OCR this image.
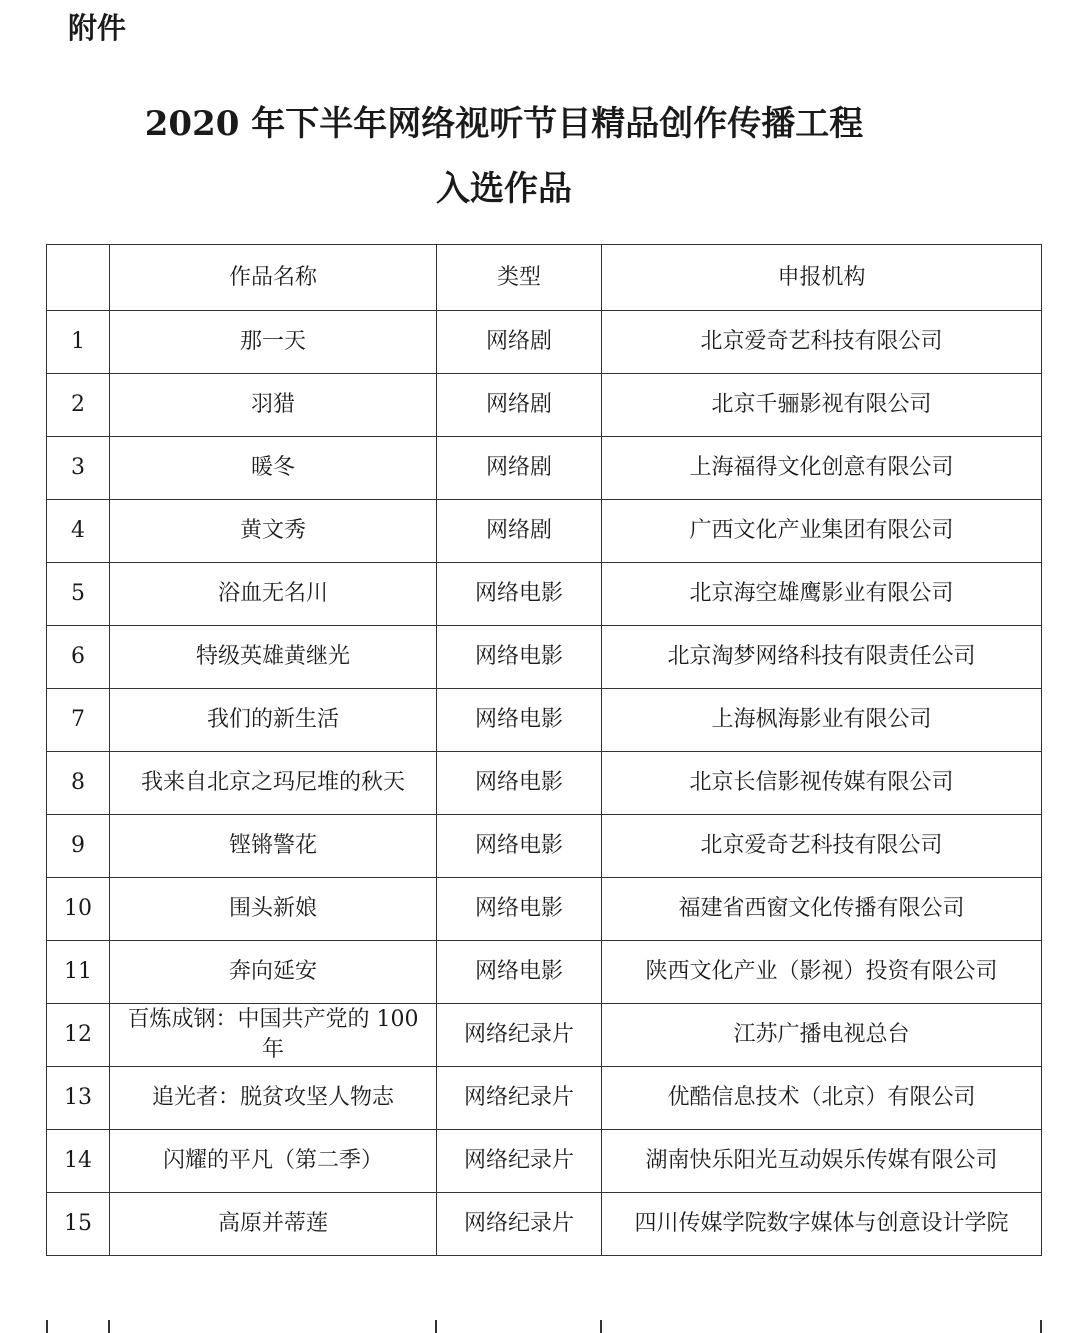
附件
2020 年下半年网络视听节目精品创作传播工程
入选作品
	作品名称	类型	申报机构
1	那一天	网络剧	北京爱奇艺科技有限公司
2	羽猎	网络剧	北京千骊影视有限公司
3	暖冬	网络剧	上海福得文化创意有限公司
4	黄文秀	网络剧	广西文化产业集团有限公司
5	浴血无名川	网络电影	北京海空雄鹰影业有限公司
6	特级英雄黄继光	网络电影	北京淘梦网络科技有限责任公司
7	我们的新生活	网络电影	上海枫海影业有限公司
8	我来自北京之玛尼堆的秋天	网络电影	北京长信影视传媒有限公司
9	铿锵警花	网络电影	北京爱奇艺科技有限公司
10	围头新娘	网络电影	福建省西窗文化传播有限公司
11	奔向延安	网络电影	陕西文化产业（影视）投资有限公司
12	百炼成钢：中国共产党的 100 年	网络纪录片	江苏广播电视总台
13	追光者：脱贫攻坚人物志	网络纪录片	优酷信息技术（北京）有限公司
14	闪耀的平凡（第二季）	网络纪录片	湖南快乐阳光互动娱乐传媒有限公司
15	高原并蒂莲	网络纪录片	四川传媒学院数字媒体与创意设计学院
